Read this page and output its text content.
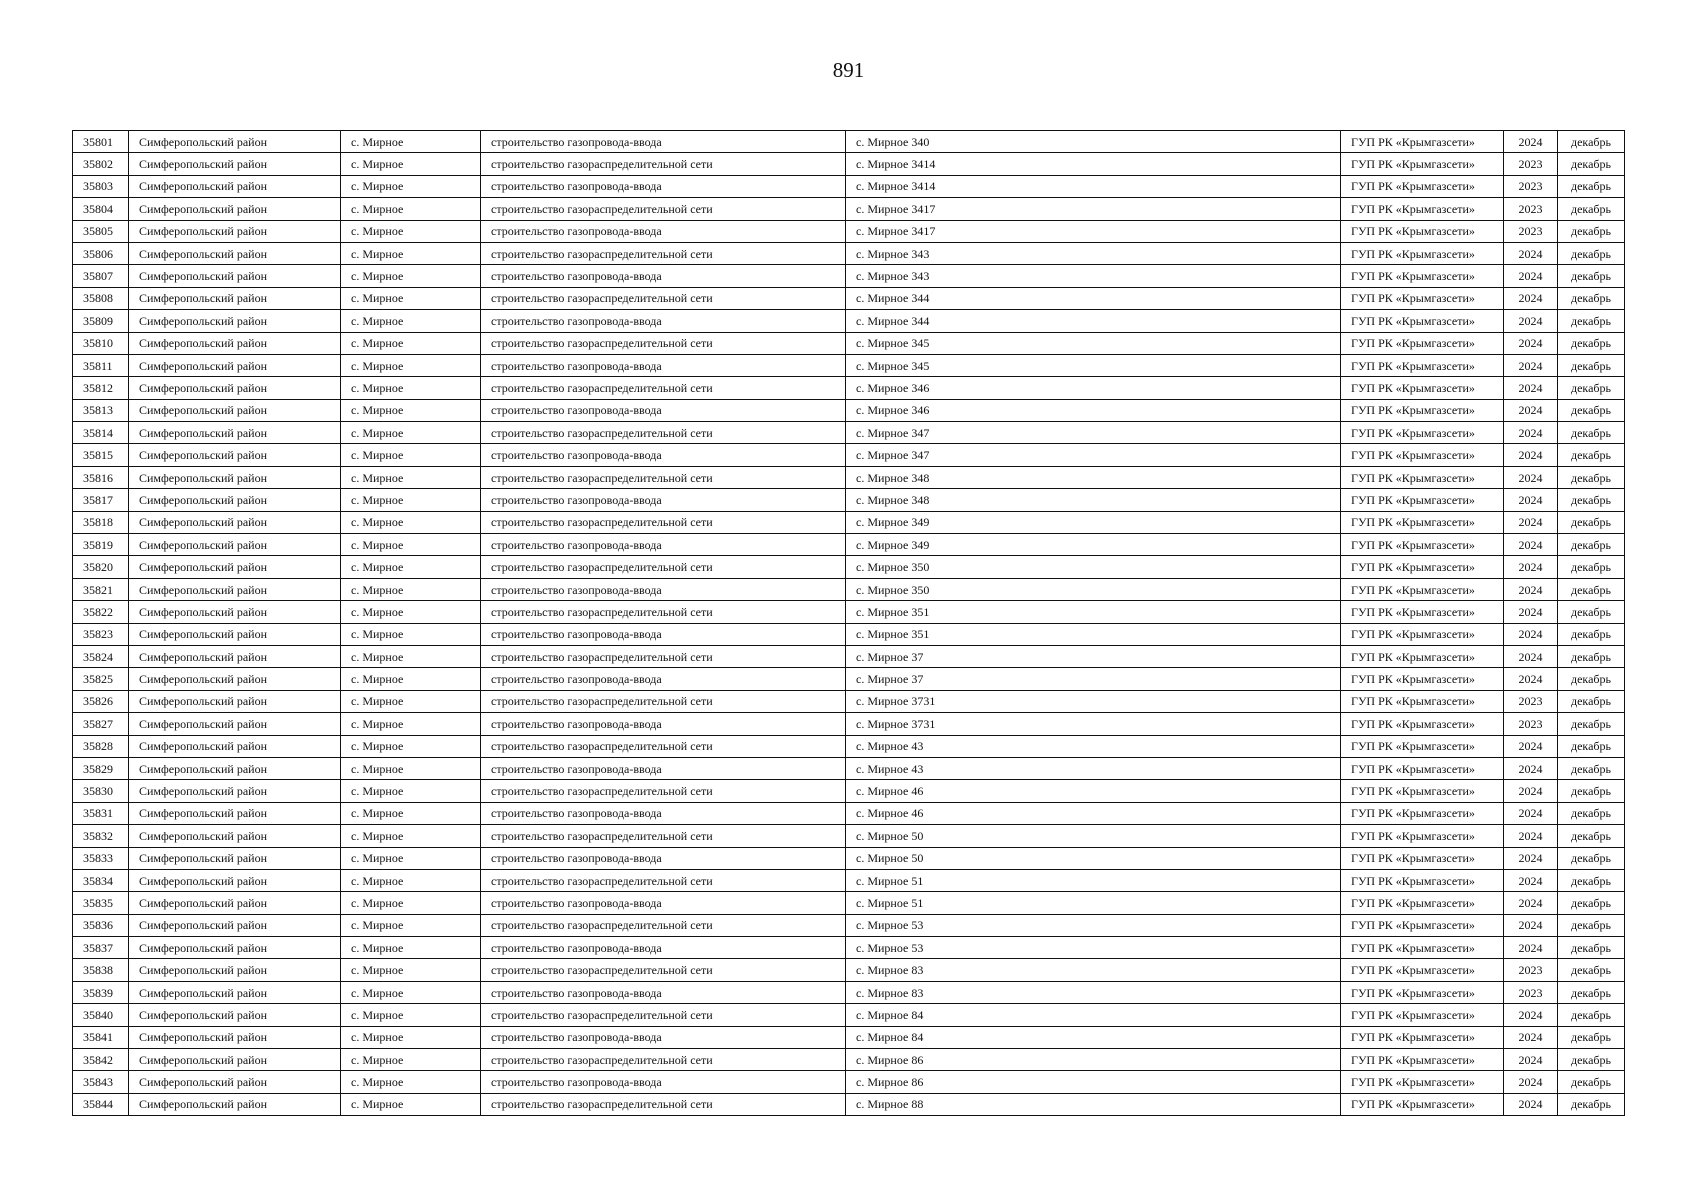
891
35801	Симферопольский район	с. Мирное	строительство газопровода-ввода	с. Мирное 340	ГУП РК «Крымгазсети»	2024	декабрь
35802	Симферопольский район	с. Мирное	строительство газораспределительной сети	с. Мирное 3414	ГУП РК «Крымгазсети»	2023	декабрь
35803	Симферопольский район	с. Мирное	строительство газопровода-ввода	с. Мирное 3414	ГУП РК «Крымгазсети»	2023	декабрь
35804	Симферопольский район	с. Мирное	строительство газораспределительной сети	с. Мирное 3417	ГУП РК «Крымгазсети»	2023	декабрь
35805	Симферопольский район	с. Мирное	строительство газопровода-ввода	с. Мирное 3417	ГУП РК «Крымгазсети»	2023	декабрь
35806	Симферопольский район	с. Мирное	строительство газораспределительной сети	с. Мирное 343	ГУП РК «Крымгазсети»	2024	декабрь
35807	Симферопольский район	с. Мирное	строительство газопровода-ввода	с. Мирное 343	ГУП РК «Крымгазсети»	2024	декабрь
35808	Симферопольский район	с. Мирное	строительство газораспределительной сети	с. Мирное 344	ГУП РК «Крымгазсети»	2024	декабрь
35809	Симферопольский район	с. Мирное	строительство газопровода-ввода	с. Мирное 344	ГУП РК «Крымгазсети»	2024	декабрь
35810	Симферопольский район	с. Мирное	строительство газораспределительной сети	с. Мирное 345	ГУП РК «Крымгазсети»	2024	декабрь
35811	Симферопольский район	с. Мирное	строительство газопровода-ввода	с. Мирное 345	ГУП РК «Крымгазсети»	2024	декабрь
35812	Симферопольский район	с. Мирное	строительство газораспределительной сети	с. Мирное 346	ГУП РК «Крымгазсети»	2024	декабрь
35813	Симферопольский район	с. Мирное	строительство газопровода-ввода	с. Мирное 346	ГУП РК «Крымгазсети»	2024	декабрь
35814	Симферопольский район	с. Мирное	строительство газораспределительной сети	с. Мирное 347	ГУП РК «Крымгазсети»	2024	декабрь
35815	Симферопольский район	с. Мирное	строительство газопровода-ввода	с. Мирное 347	ГУП РК «Крымгазсети»	2024	декабрь
35816	Симферопольский район	с. Мирное	строительство газораспределительной сети	с. Мирное 348	ГУП РК «Крымгазсети»	2024	декабрь
35817	Симферопольский район	с. Мирное	строительство газопровода-ввода	с. Мирное 348	ГУП РК «Крымгазсети»	2024	декабрь
35818	Симферопольский район	с. Мирное	строительство газораспределительной сети	с. Мирное 349	ГУП РК «Крымгазсети»	2024	декабрь
35819	Симферопольский район	с. Мирное	строительство газопровода-ввода	с. Мирное 349	ГУП РК «Крымгазсети»	2024	декабрь
35820	Симферопольский район	с. Мирное	строительство газораспределительной сети	с. Мирное 350	ГУП РК «Крымгазсети»	2024	декабрь
35821	Симферопольский район	с. Мирное	строительство газопровода-ввода	с. Мирное 350	ГУП РК «Крымгазсети»	2024	декабрь
35822	Симферопольский район	с. Мирное	строительство газораспределительной сети	с. Мирное 351	ГУП РК «Крымгазсети»	2024	декабрь
35823	Симферопольский район	с. Мирное	строительство газопровода-ввода	с. Мирное 351	ГУП РК «Крымгазсети»	2024	декабрь
35824	Симферопольский район	с. Мирное	строительство газораспределительной сети	с. Мирное 37	ГУП РК «Крымгазсети»	2024	декабрь
35825	Симферопольский район	с. Мирное	строительство газопровода-ввода	с. Мирное 37	ГУП РК «Крымгазсети»	2024	декабрь
35826	Симферопольский район	с. Мирное	строительство газораспределительной сети	с. Мирное 3731	ГУП РК «Крымгазсети»	2023	декабрь
35827	Симферопольский район	с. Мирное	строительство газопровода-ввода	с. Мирное 3731	ГУП РК «Крымгазсети»	2023	декабрь
35828	Симферопольский район	с. Мирное	строительство газораспределительной сети	с. Мирное 43	ГУП РК «Крымгазсети»	2024	декабрь
35829	Симферопольский район	с. Мирное	строительство газопровода-ввода	с. Мирное 43	ГУП РК «Крымгазсети»	2024	декабрь
35830	Симферопольский район	с. Мирное	строительство газораспределительной сети	с. Мирное 46	ГУП РК «Крымгазсети»	2024	декабрь
35831	Симферопольский район	с. Мирное	строительство газопровода-ввода	с. Мирное 46	ГУП РК «Крымгазсети»	2024	декабрь
35832	Симферопольский район	с. Мирное	строительство газораспределительной сети	с. Мирное 50	ГУП РК «Крымгазсети»	2024	декабрь
35833	Симферопольский район	с. Мирное	строительство газопровода-ввода	с. Мирное 50	ГУП РК «Крымгазсети»	2024	декабрь
35834	Симферопольский район	с. Мирное	строительство газораспределительной сети	с. Мирное 51	ГУП РК «Крымгазсети»	2024	декабрь
35835	Симферопольский район	с. Мирное	строительство газопровода-ввода	с. Мирное 51	ГУП РК «Крымгазсети»	2024	декабрь
35836	Симферопольский район	с. Мирное	строительство газораспределительной сети	с. Мирное 53	ГУП РК «Крымгазсети»	2024	декабрь
35837	Симферопольский район	с. Мирное	строительство газопровода-ввода	с. Мирное 53	ГУП РК «Крымгазсети»	2024	декабрь
35838	Симферопольский район	с. Мирное	строительство газораспределительной сети	с. Мирное 83	ГУП РК «Крымгазсети»	2023	декабрь
35839	Симферопольский район	с. Мирное	строительство газопровода-ввода	с. Мирное 83	ГУП РК «Крымгазсети»	2023	декабрь
35840	Симферопольский район	с. Мирное	строительство газораспределительной сети	с. Мирное 84	ГУП РК «Крымгазсети»	2024	декабрь
35841	Симферопольский район	с. Мирное	строительство газопровода-ввода	с. Мирное 84	ГУП РК «Крымгазсети»	2024	декабрь
35842	Симферопольский район	с. Мирное	строительство газораспределительной сети	с. Мирное 86	ГУП РК «Крымгазсети»	2024	декабрь
35843	Симферопольский район	с. Мирное	строительство газопровода-ввода	с. Мирное 86	ГУП РК «Крымгазсети»	2024	декабрь
35844	Симферопольский район	с. Мирное	строительство газораспределительной сети	с. Мирное 88	ГУП РК «Крымгазсети»	2024	декабрь
